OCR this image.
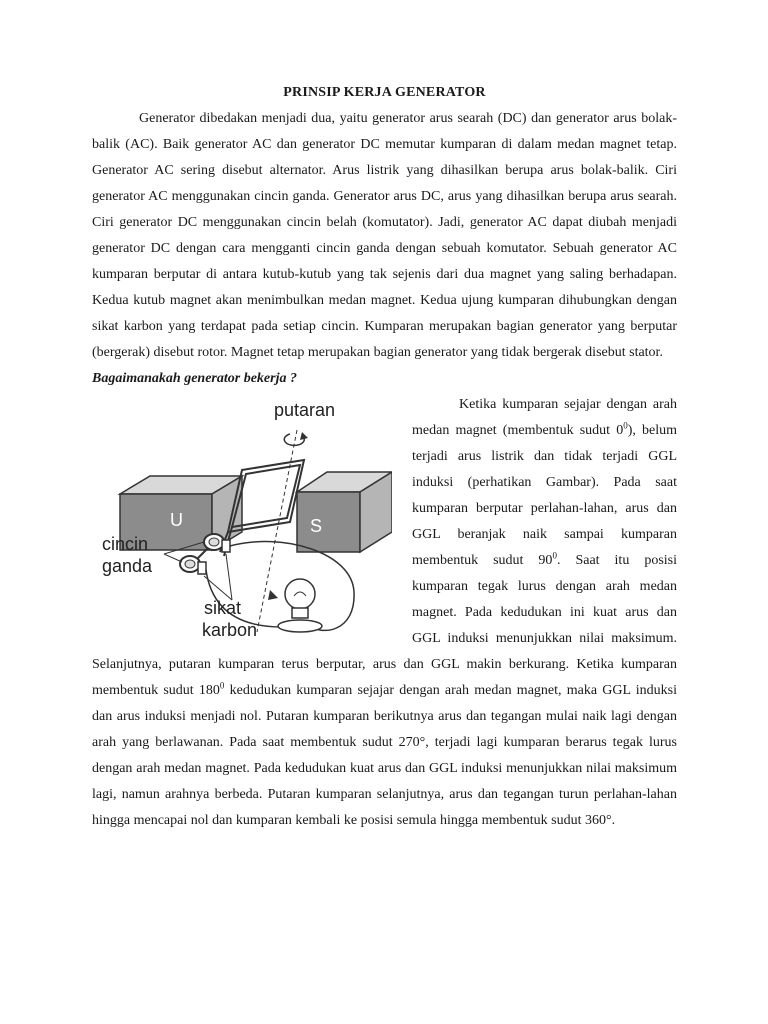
PRINSIP KERJA GENERATOR

Generator dibedakan menjadi dua, yaitu generator arus searah (DC) dan generator arus bolak-balik (AC). Baik generator AC dan generator DC memutar kumparan di dalam medan magnet tetap. Generator AC sering disebut alternator. Arus listrik yang dihasilkan berupa arus bolak-balik. Ciri generator AC menggunakan cincin ganda. Generator arus DC, arus yang dihasilkan berupa arus searah. Ciri generator DC menggunakan cincin belah (komutator). Jadi, generator AC dapat diubah menjadi generator DC dengan cara mengganti cincin ganda dengan sebuah komutator. Sebuah generator AC kumparan berputar di antara kutub-kutub yang tak sejenis dari dua magnet yang saling berhadapan. Kedua kutub magnet akan menimbulkan medan magnet. Kedua ujung kumparan dihubungkan dengan sikat karbon yang terdapat pada setiap cincin. Kumparan merupakan bagian generator yang berputar (bergerak) disebut rotor. Magnet tetap merupakan bagian generator yang tidak bergerak disebut stator.

Bagaimanakah generator bekerja ?

putaran
U	S
cincin
ganda
sikat
karbon

Ketika kumparan sejajar dengan arah medan magnet (membentuk sudut $0^0$), belum terjadi arus listrik dan tidak terjadi GGL induksi (perhatikan Gambar). Pada saat kumparan berputar perlahan-lahan, arus dan GGL beranjak naik sampai kumparan membentuk sudut $90^0$. Saat itu posisi kumparan tegak lurus dengan arah medan magnet. Pada kedudukan ini kuat arus dan GGL induksi menunjukkan nilai maksimum. Selanjutnya, putaran kumparan terus berputar, arus dan GGL makin berkurang. Ketika kumparan membentuk sudut $180^0$ kedudukan kumparan sejajar dengan arah medan magnet, maka GGL induksi dan arus induksi menjadi nol. Putaran kumparan berikutnya arus dan tegangan mulai naik lagi dengan arah yang berlawanan. Pada saat membentuk sudut 270°, terjadi lagi kumparan berarus tegak lurus dengan arah medan magnet. Pada kedudukan kuat arus dan GGL induksi menunjukkan nilai maksimum lagi, namun arahnya berbeda. Putaran kumparan selanjutnya, arus dan tegangan turun perlahan-lahan hingga mencapai nol dan kumparan kembali ke posisi semula hingga membentuk sudut 360°.
